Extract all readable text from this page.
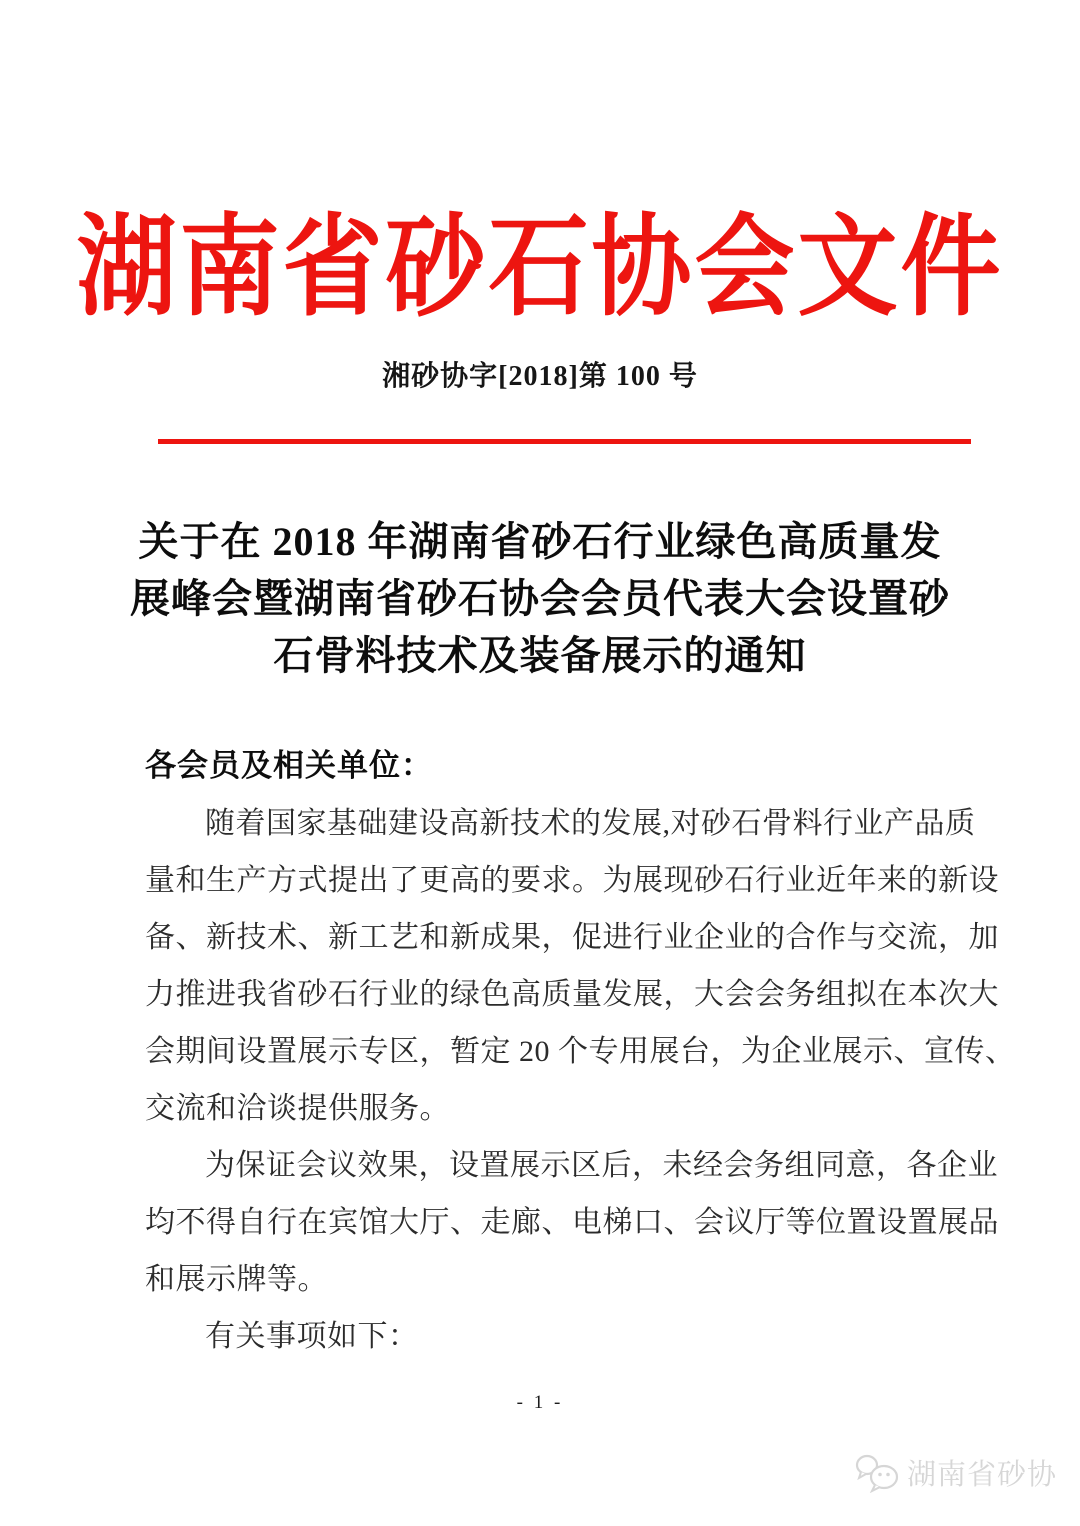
湖南省砂石协会文件
湘砂协字[2018]第 100 号
关于在 2018 年湖南省砂石行业绿色高质量发
展峰会暨湖南省砂石协会会员代表大会设置砂
石骨料技术及装备展示的通知
各会员及相关单位：
随着国家基础建设高新技术的发展,对砂石骨料行业产品质
量和生产方式提出了更高的要求。为展现砂石行业近年来的新设
备、新技术、新工艺和新成果，促进行业企业的合作与交流，加
力推进我省砂石行业的绿色高质量发展，大会会务组拟在本次大
会期间设置展示专区，暂定 20 个专用展台，为企业展示、宣传、
交流和洽谈提供服务。
为保证会议效果，设置展示区后，未经会务组同意，各企业
均不得自行在宾馆大厅、走廊、电梯口、会议厅等位置设置展品
和展示牌等。
有关事项如下：
- 1 -
湖南省砂协
